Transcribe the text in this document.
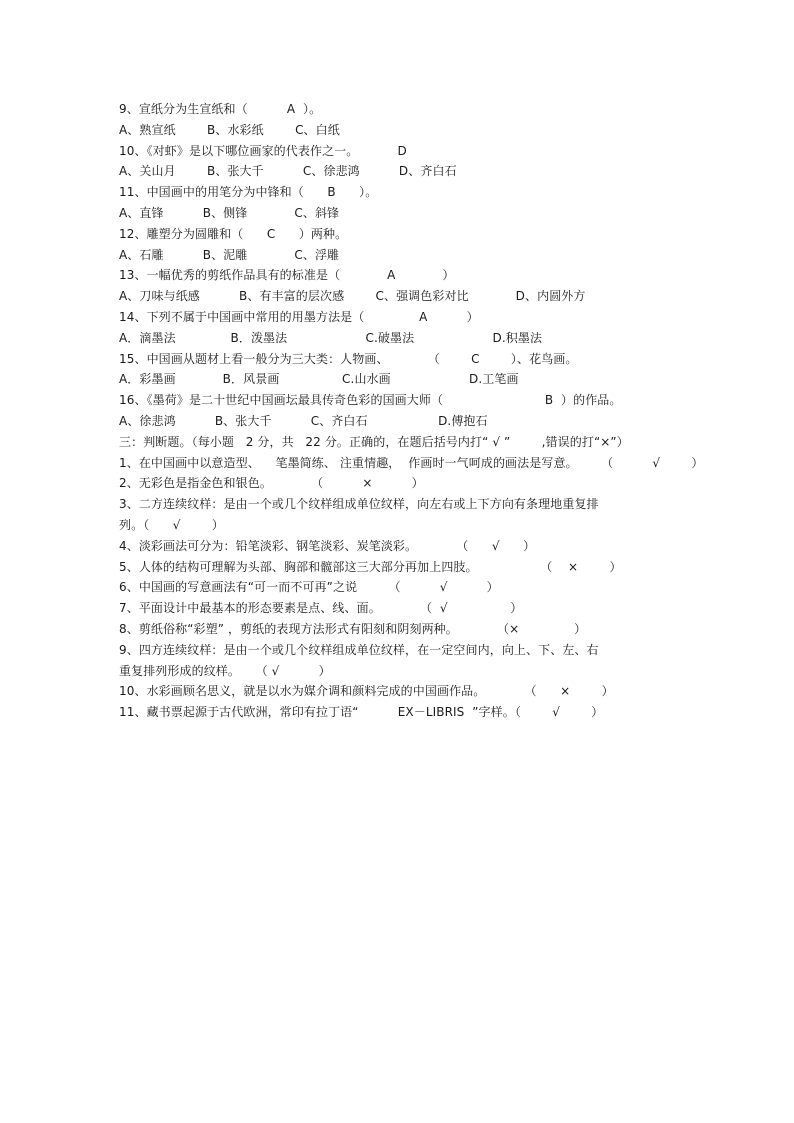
9、宣纸分为生宣纸和（          A  ）。
A、熟宣纸        B、水彩纸        C、白纸
10、《对虾》是以下哪位画家的代表作之一。          D
A、关山月        B、张大千          C、徐悲鸿          D、齐白石
11、中国画中的用笔分为中锋和（      B      ）。
A、直锋          B、侧锋            C、斜锋
12、雕塑分为圆雕和（      C      ）两种。
A、石雕          B、泥雕            C、浮雕
13、一幅优秀的剪纸作品具有的标准是（            A            ）
A、刀味与纸感          B、有丰富的层次感        C、强调色彩对比            D、内圆外方
14、下列不属于中国画中常用的用墨方法是（              A          ）
A．滴墨法              B．泼墨法                    C.破墨法                    D.积墨法
15、中国画从题材上看一般分为三大类：人物画、          （        C        ）、花鸟画。
A．彩墨画            B．风景画                C.山水画                    D.工笔画
16、《墨荷》是二十世纪中国画坛最具传奇色彩的国画大师（                          B  ）的作品。
A、徐悲鸿          B、张大千          C、齐白石                  D.傅抱石
三：判断题。（每小题   2 分，共   22 分。正确的，在题后括号内打“ √ ”        ,错误的打“×”）
1、在中国画中以意造型、    笔墨简练、 注重情趣，  作画时一气呵成的画法是写意。      （          √        ）
2、无彩色是指金色和银色。          （          ×          ）
3、二方连续纹样：是由一个或几个纹样组成单位纹样，向左右或上下方向有条理地重复排
列。（      √        ）
4、淡彩画法可分为：铅笔淡彩、钢笔淡彩、炭笔淡彩。          （      √      ）
5、人体的结构可理解为头部、胸部和髋部这三大部分再加上四肢。                （    ×        ）
6、中国画的写意画法有“可一而不可再”之说        （          √          ）
7、平面设计中最基本的形态要素是点、线、面。          （  √                ）
8、剪纸俗称“彩塑” ，剪纸的表现方法形式有阳刻和阴刻两种。          （×              ）
9、四方连续纹样：是由一个或几个纹样组成单位纹样，在一定空间内，向上、下、左、右
重复排列形成的纹样。    （ √          ）
10、水彩画顾名思义，就是以水为媒介调和颜料完成的中国画作品。          （      ×        ）
11、藏书票起源于古代欧洲，常印有拉丁语“          EX－LIBRIS  ”字样。（        √        ）
